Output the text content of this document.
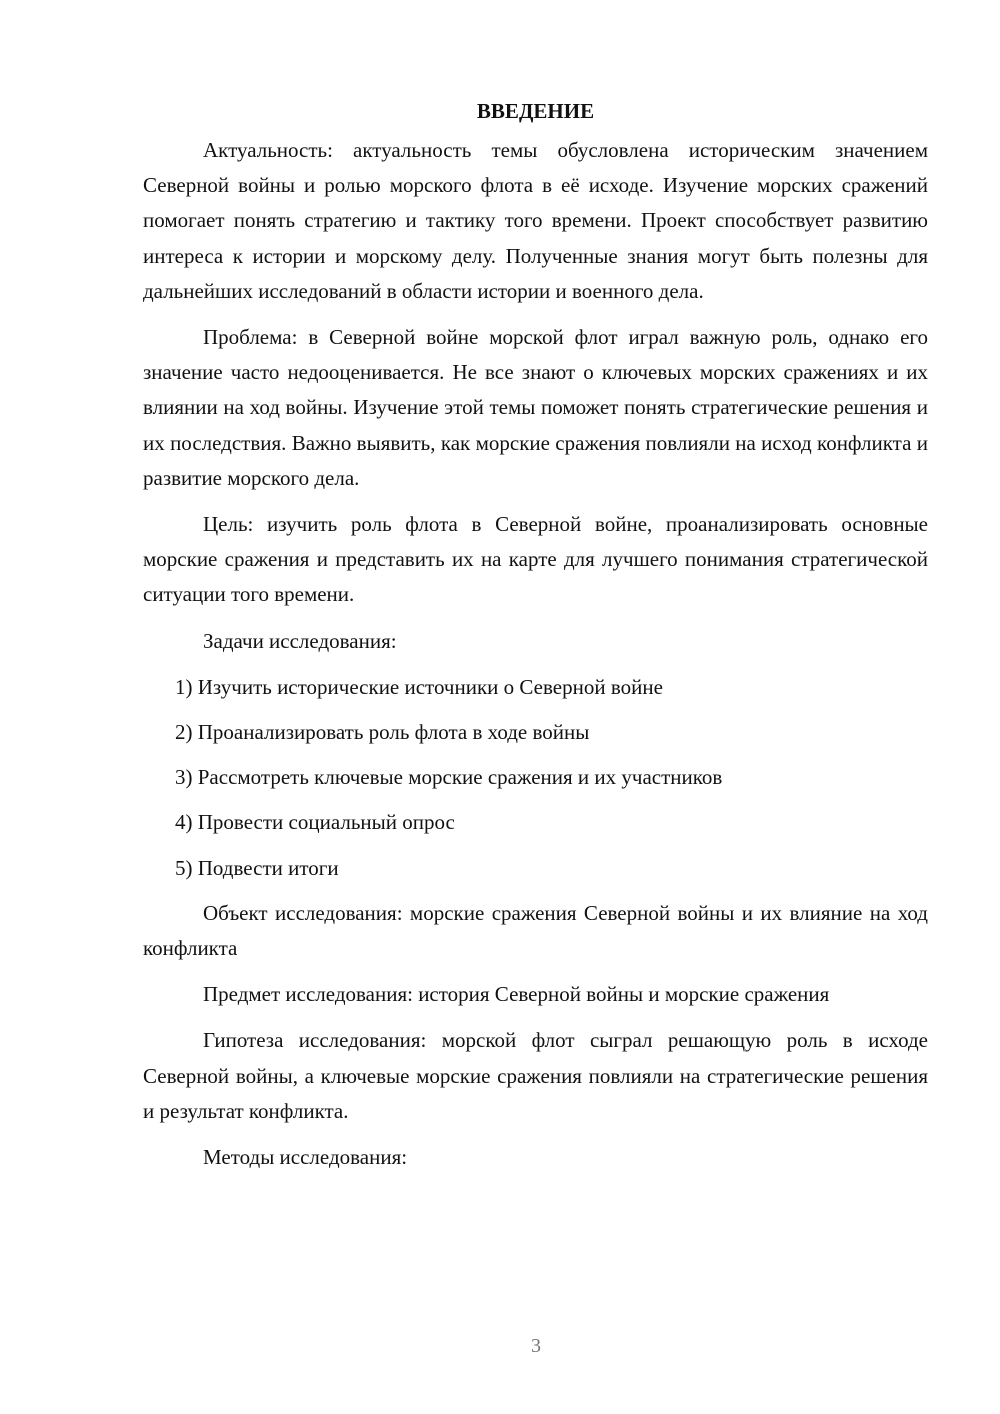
ВВЕДЕНИЕ

Актуальность: актуальность темы обусловлена историческим значением Северной войны и ролью морского флота в её исходе. Изучение морских сражений помогает понять стратегию и тактику того времени. Проект способствует развитию интереса к истории и морскому делу. Полученные знания могут быть полезны для дальнейших исследований в области истории и военного дела.

Проблема: в Северной войне морской флот играл важную роль, однако его значение часто недооценивается. Не все знают о ключевых морских сражениях и их влиянии на ход войны. Изучение этой темы поможет понять стратегические решения и их последствия. Важно выявить, как морские сражения повлияли на исход конфликта и развитие морского дела.

Цель: изучить роль флота в Северной войне, проанализировать основные морские сражения и представить их на карте для лучшего понимания стратегической ситуации того времени.

Задачи исследования:

1) Изучить исторические источники о Северной войне
2) Проанализировать роль флота в ходе войны
3) Рассмотреть ключевые морские сражения и их участников
4) Провести социальный опрос
5) Подвести итоги

Объект исследования: морские сражения Северной войны и их влияние на ход конфликта

Предмет исследования: история Северной войны и морские сражения

Гипотеза исследования: морской флот сыграл решающую роль в исходе Северной войны, а ключевые морские сражения повлияли на стратегические решения и результат конфликта.

Методы исследования:

3
